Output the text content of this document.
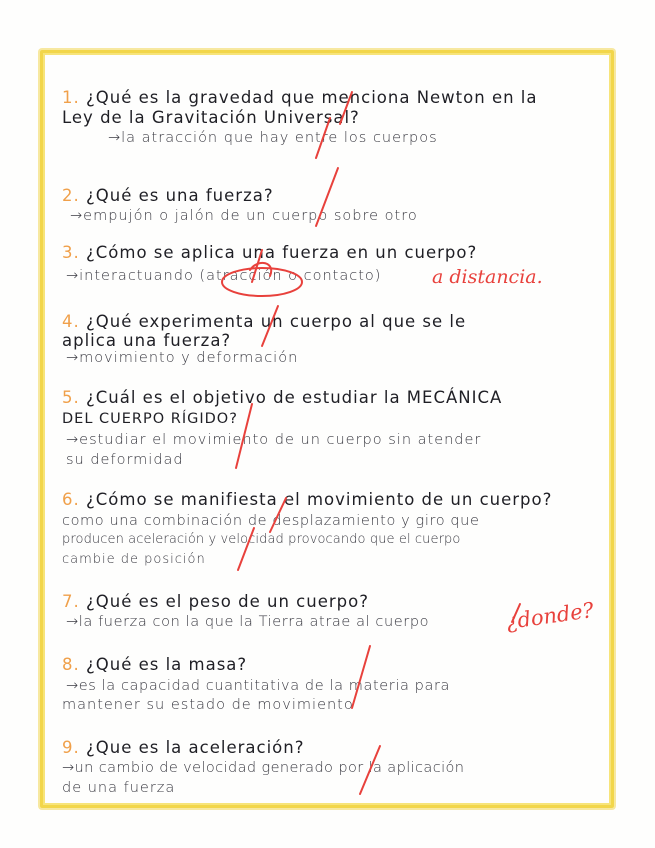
1. ¿Qué es la gravedad que menciona Newton en la

Ley de la Gravitación Universal?

→la atracción que hay entre los cuerpos

2. ¿Qué es una fuerza?

→empujón o jalón de un cuerpo sobre otro

3. ¿Cómo se aplica una fuerza en un cuerpo?

→interactuando (atracción o contacto)	a distancia.

4. ¿Qué experimenta un cuerpo al que se le

aplica una fuerza?

→movimiento y deformación

5. ¿Cuál es el objetivo de estudiar la MECÁNICA

DEL CUERPO RÍGIDO?

→estudiar el movimiento de un cuerpo sin atender

su deformidad

6. ¿Cómo se manifiesta el movimiento de un cuerpo?

como una combinación de desplazamiento y giro que

producen aceleración y velocidad provocando que el cuerpo

cambie de posición

7. ¿Qué es el peso de un cuerpo?

→la fuerza con la que la Tierra atrae al cuerpo	¿donde?

8. ¿Qué es la masa?

→es la capacidad cuantitativa de la materia para

mantener su estado de movimiento

9. ¿Que es la aceleración?

→un cambio de velocidad generado por la aplicación

de una fuerza
